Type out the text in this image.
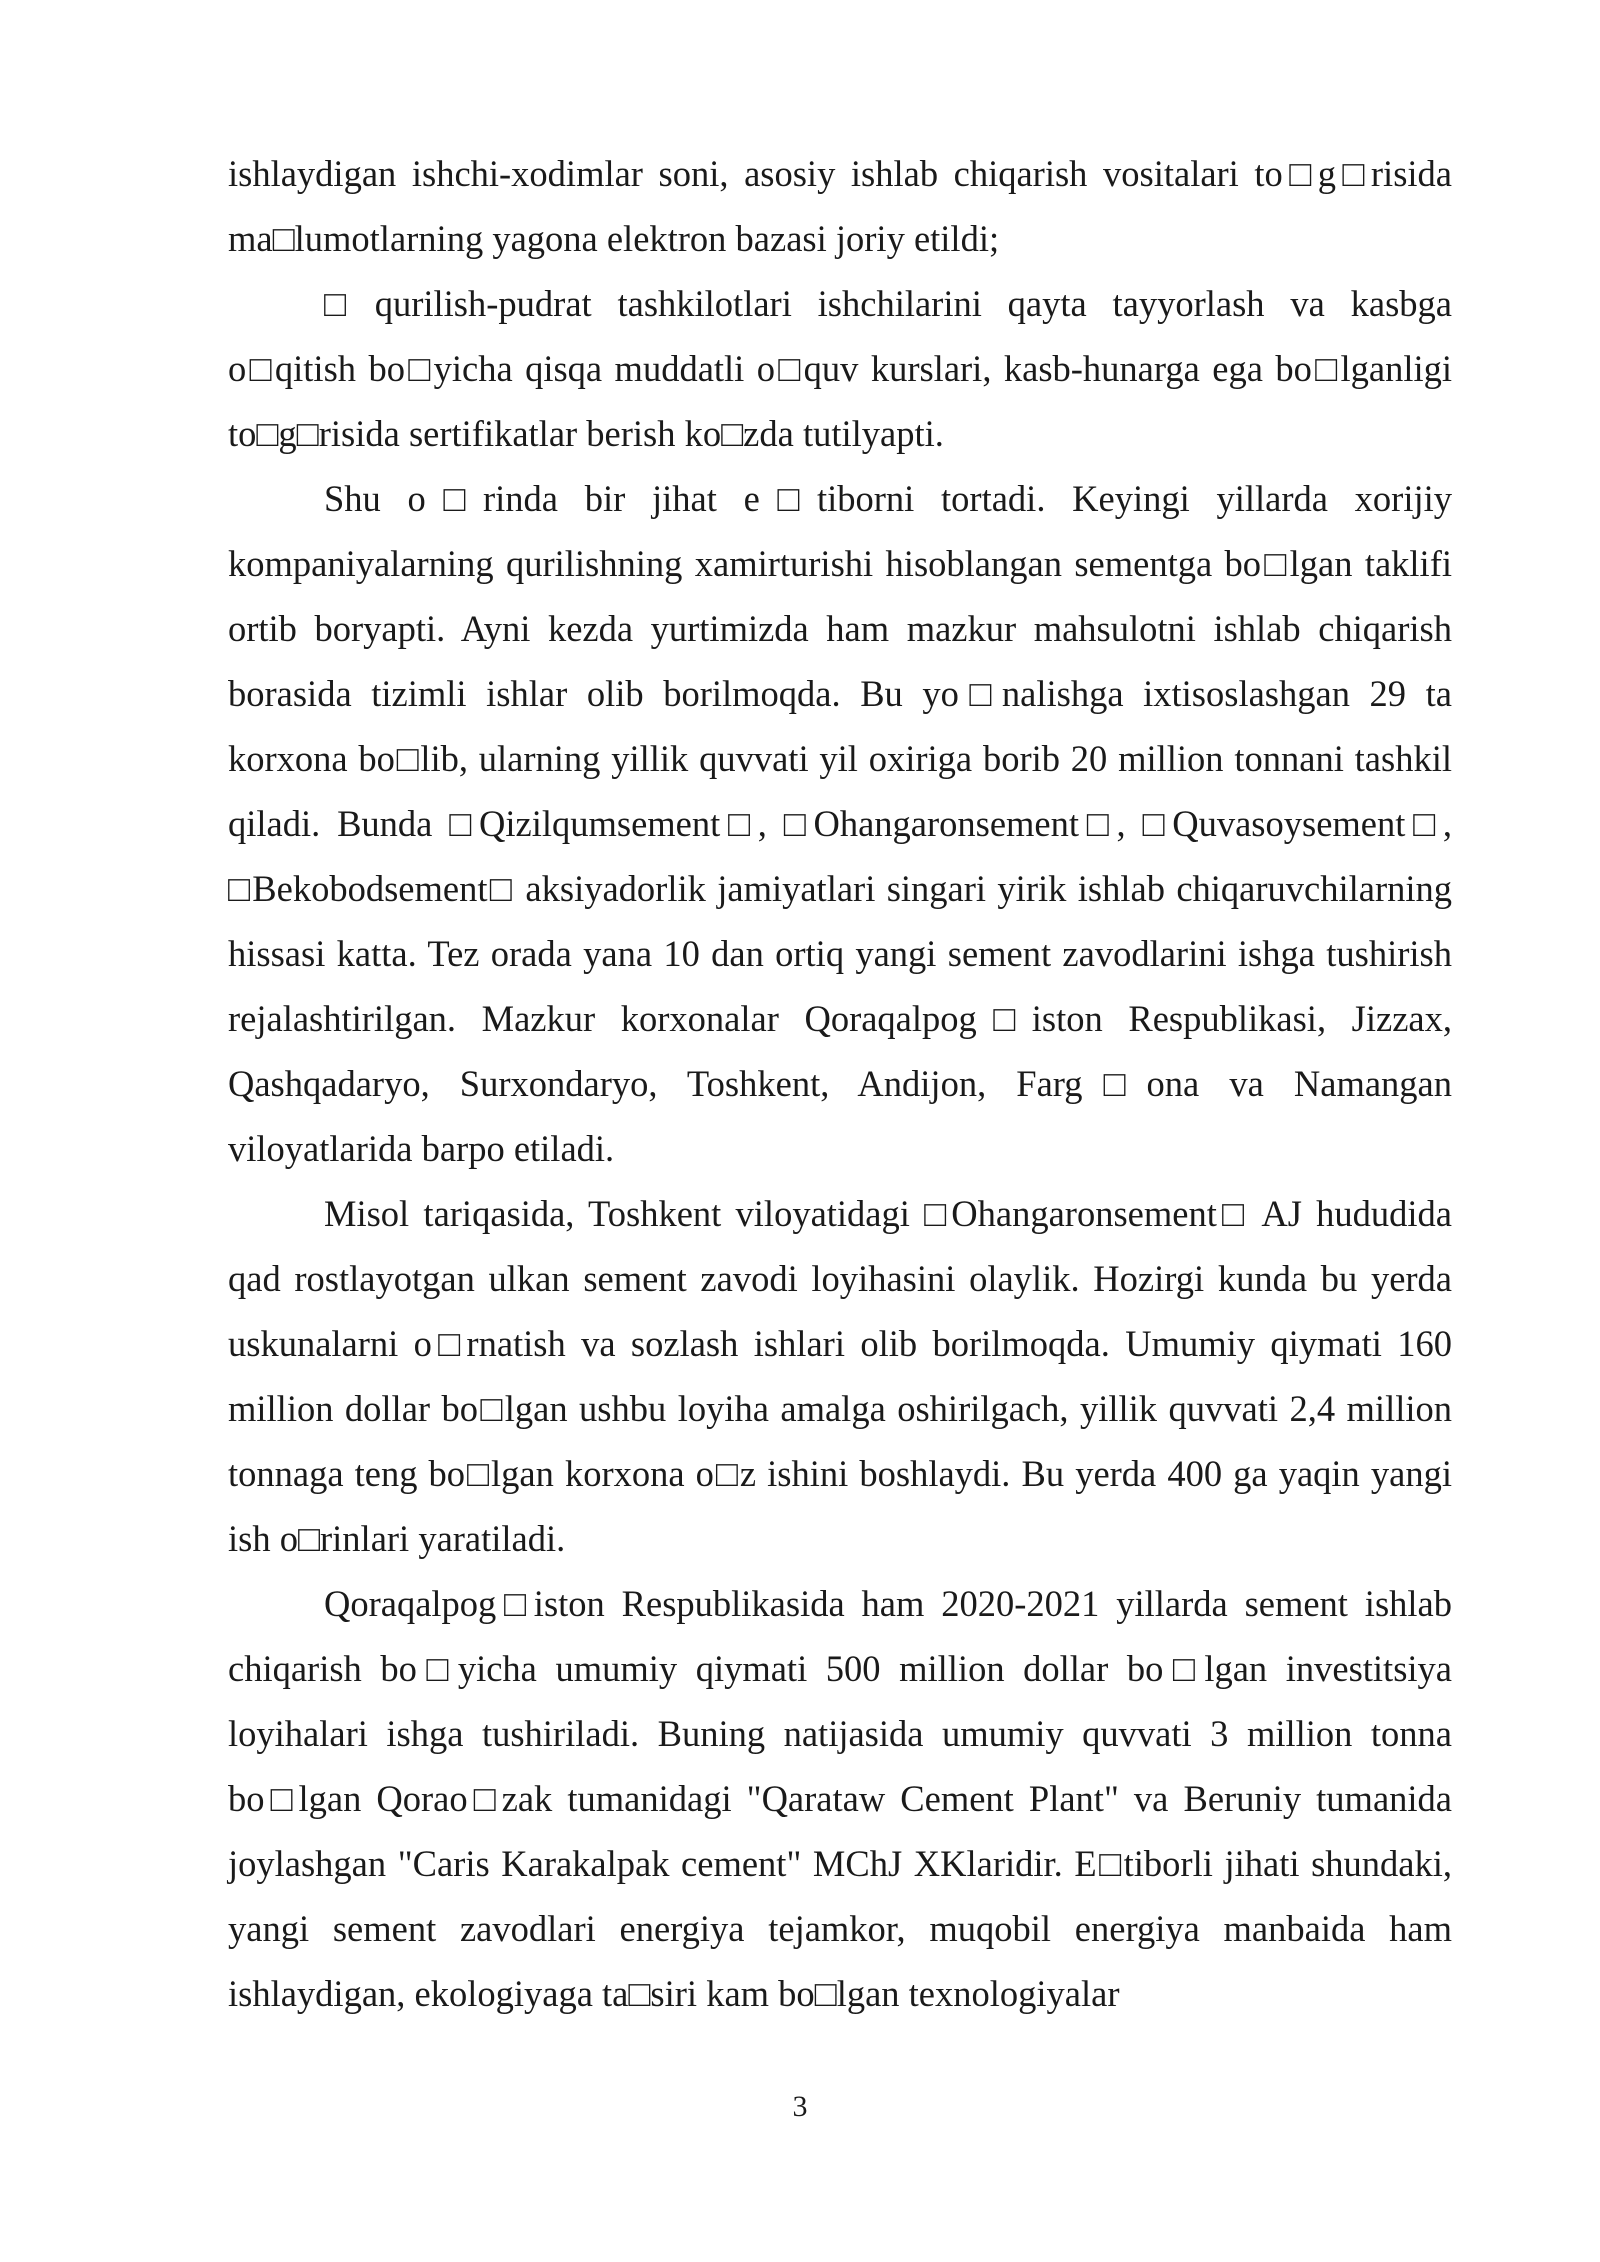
ishlaydigan ishchi-xodimlar soni, asosiy ishlab chiqarish vositalari to□g□risida ma□lumotlarning yagona elektron bazasi joriy etildi;

□ qurilish-pudrat tashkilotlari ishchilarini qayta tayyorlash va kasbga o□qitish bo□yicha qisqa muddatli o□quv kurslari, kasb-hunarga ega bo□lganligi to□g□risida sertifikatlar berish ko□zda tutilyapti.

Shu o□rinda bir jihat e□tiborni tortadi. Keyingi yillarda xorijiy kompaniyalarning qurilishning xamirturishi hisoblangan sementga bo□lgan taklifi ortib boryapti. Ayni kezda yurtimizda ham mazkur mahsulotni ishlab chiqarish borasida tizimli ishlar olib borilmoqda. Bu yo□nalishga ixtisoslashgan 29 ta korxona bo□lib, ularning yillik quvvati yil oxiriga borib 20 million tonnani tashkil qiladi. Bunda □Qizilqumsement□, □Ohangaronsement□, □Quvasoysement□, □Bekobodsement□ aksiyadorlik jamiyatlari singari yirik ishlab chiqaruvchilarning hissasi katta. Tez orada yana 10 dan ortiq yangi sement zavodlarini ishga tushirish rejalashtirilgan. Mazkur korxonalar Qoraqalpog□iston Respublikasi, Jizzax, Qashqadaryo, Surxondaryo, Toshkent, Andijon, Farg□ona va Namangan viloyatlarida barpo etiladi.

Misol tariqasida, Toshkent viloyatidagi □Ohangaronsement□ AJ hududida qad rostlayotgan ulkan sement zavodi loyihasini olaylik. Hozirgi kunda bu yerda uskunalarni o□rnatish va sozlash ishlari olib borilmoqda. Umumiy qiymati 160 million dollar bo□lgan ushbu loyiha amalga oshirilgach, yillik quvvati 2,4 million tonnaga teng bo□lgan korxona o□z ishini boshlaydi. Bu yerda 400 ga yaqin yangi ish o□rinlari yaratiladi.

Qoraqalpog□iston Respublikasida ham 2020-2021 yillarda sement ishlab chiqarish bo□yicha umumiy qiymati 500 million dollar bo□lgan investitsiya loyihalari ishga tushiriladi. Buning natijasida umumiy quvvati 3 million tonna bo□lgan Qorao□zak tumanidagi "Qarataw Cement Plant" va Beruniy tumanida joylashgan "Caris Karakalpak cement" MChJ XKlaridir. E□tiborli jihati shundaki, yangi sement zavodlari energiya tejamkor, muqobil energiya manbaida ham ishlaydigan, ekologiyaga ta□siri kam bo□lgan texnologiyalar

3
